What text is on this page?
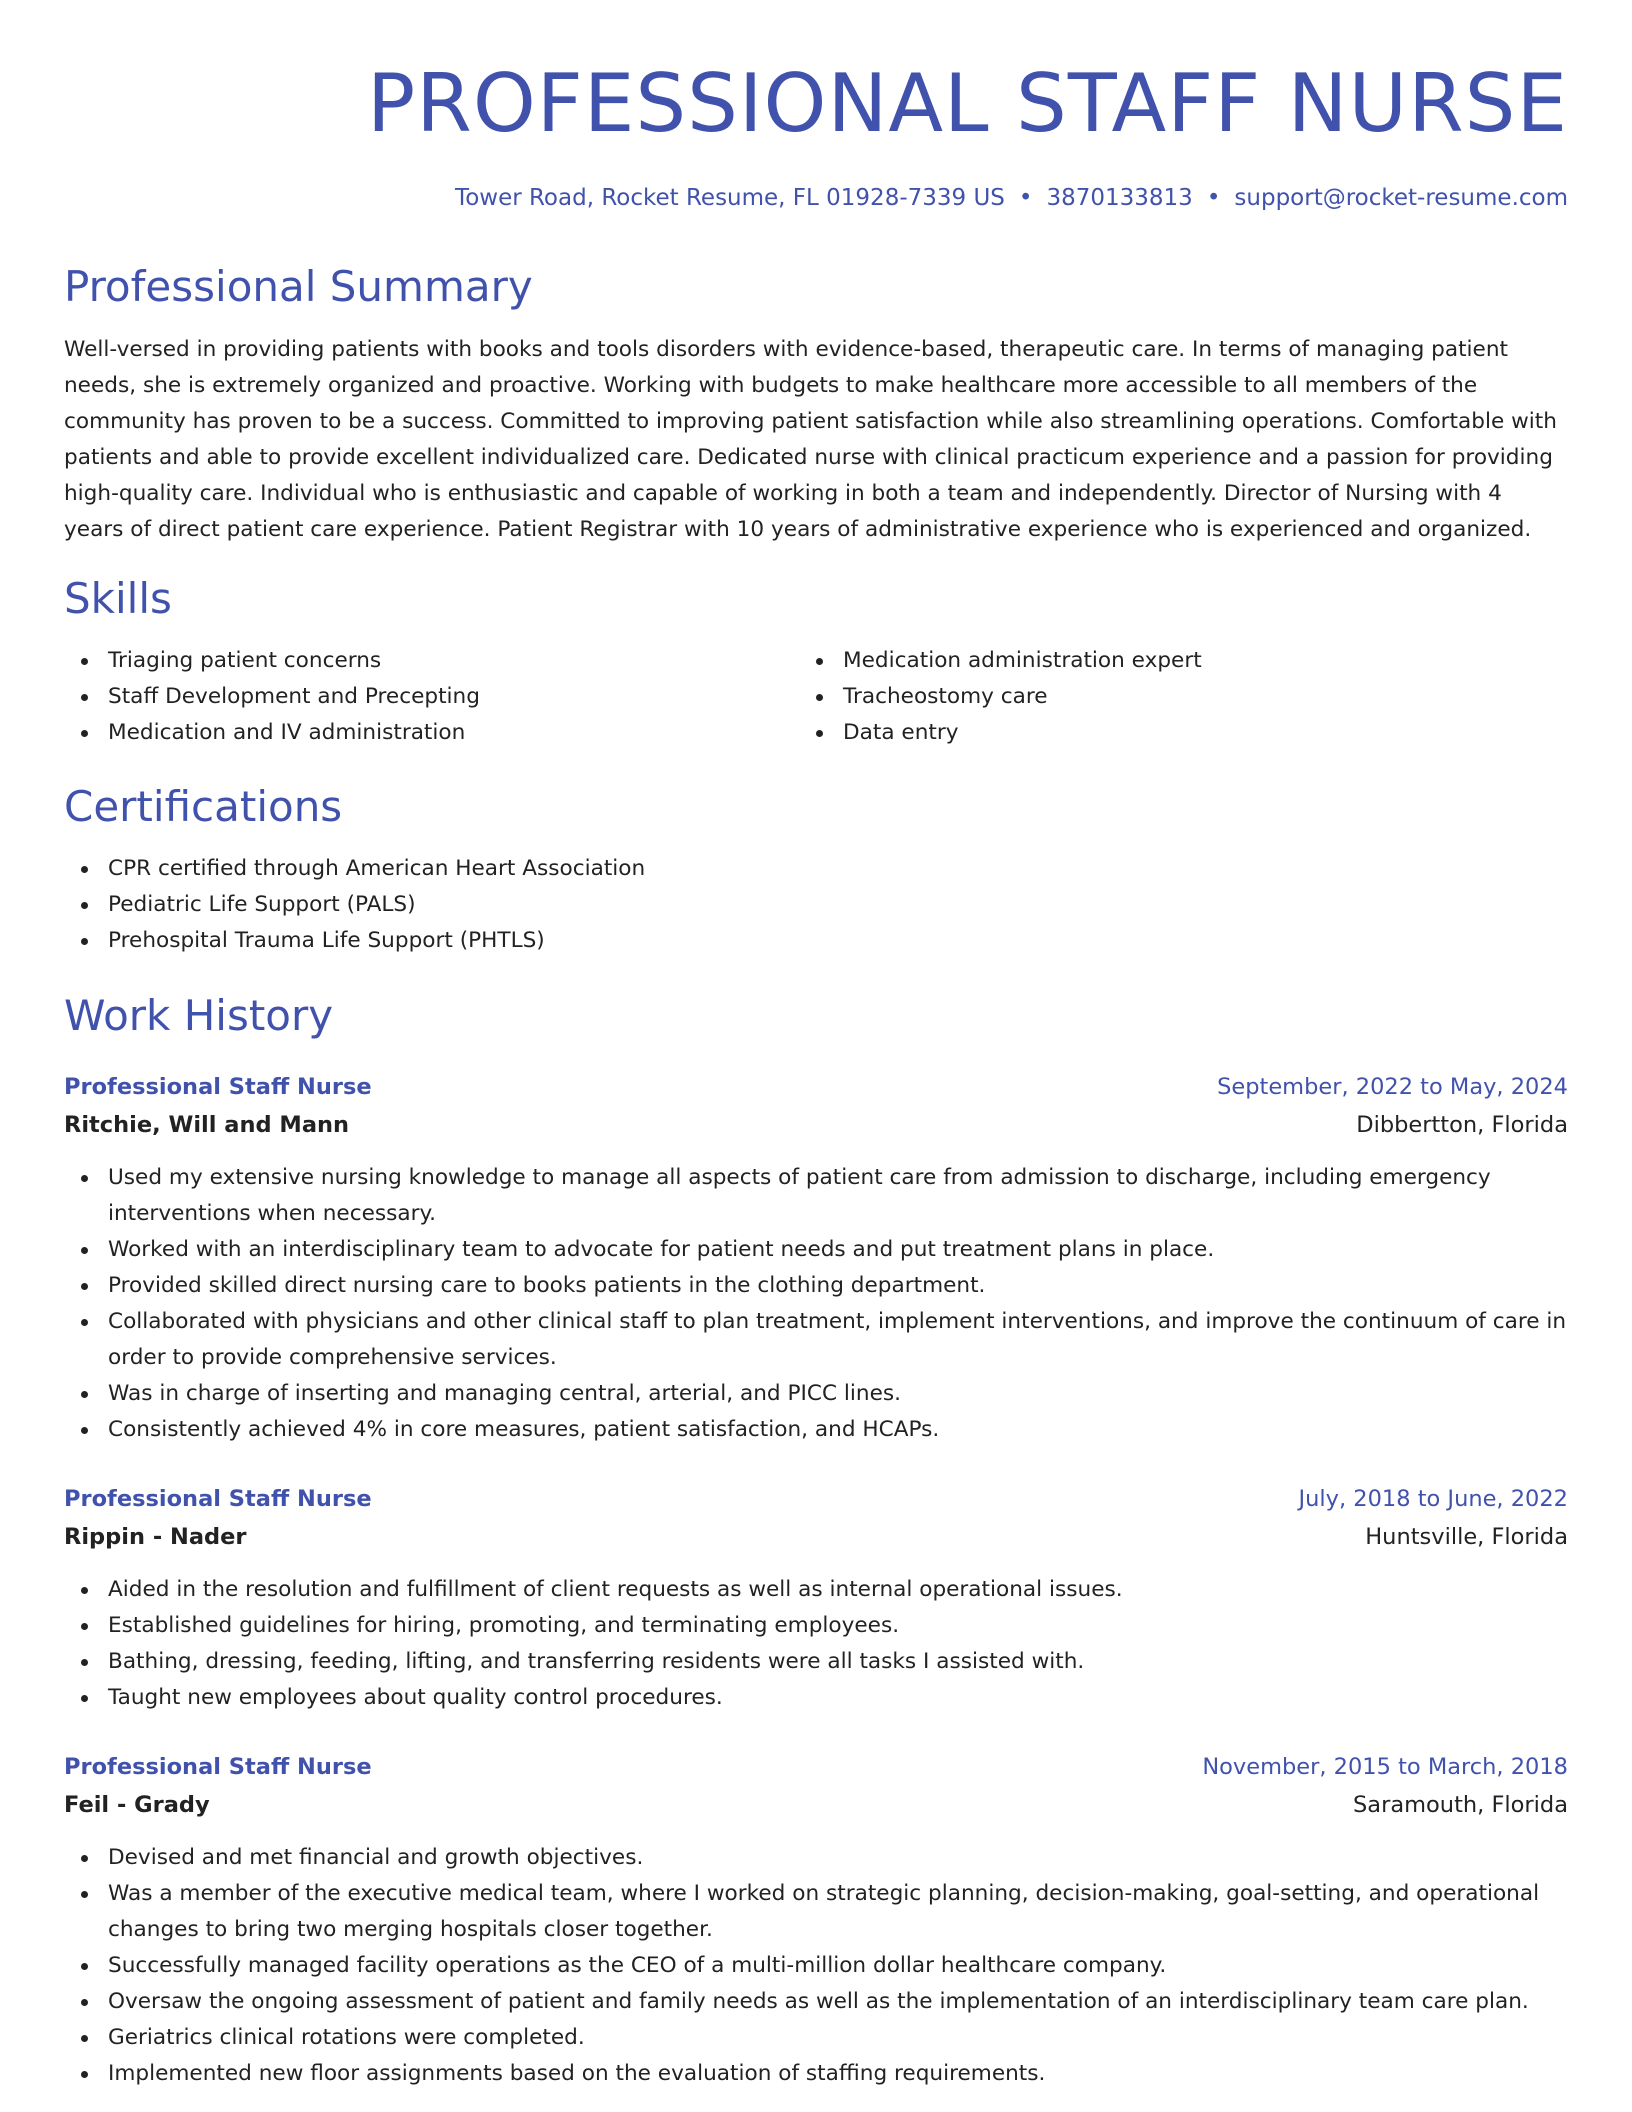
PROFESSIONAL STAFF NURSE
Tower Road, Rocket Resume, FL 01928-7339 US • 3870133813 • support@rocket-resume.com
Professional Summary

Well-versed in providing patients with books and tools disorders with evidence-based, therapeutic care. In terms of managing patient needs, she is extremely organized and proactive. Working with budgets to make healthcare more accessible to all members of the community has proven to be a success. Committed to improving patient satisfaction while also streamlining operations. Comfortable with patients and able to provide excellent individualized care. Dedicated nurse with clinical practicum experience and a passion for providing high-quality care. Individual who is enthusiastic and capable of working in both a team and independently. Director of Nursing with 4 years of direct patient care experience. Patient Registrar with 10 years of administrative experience who is experienced and organized.

Skills
Triaging patient concerns
Staff Development and Precepting
Medication and IV administration
Medication administration expert
Tracheostomy care
Data entry
Certifications
CPR certified through American Heart Association
Pediatric Life Support (PALS)
Prehospital Trauma Life Support (PHTLS)
Work History
Professional Staff Nurse	September, 2022 to May, 2024
Ritchie, Will and Mann	Dibbertton, Florida
Used my extensive nursing knowledge to manage all aspects of patient care from admission to discharge, including emergency interventions when necessary.
Worked with an interdisciplinary team to advocate for patient needs and put treatment plans in place.
Provided skilled direct nursing care to books patients in the clothing department.
Collaborated with physicians and other clinical staff to plan treatment, implement interventions, and improve the continuum of care in order to provide comprehensive services.
Was in charge of inserting and managing central, arterial, and PICC lines.
Consistently achieved 4% in core measures, patient satisfaction, and HCAPs.
Professional Staff Nurse	July, 2018 to June, 2022
Rippin - Nader	Huntsville, Florida
Aided in the resolution and fulfillment of client requests as well as internal operational issues.
Established guidelines for hiring, promoting, and terminating employees.
Bathing, dressing, feeding, lifting, and transferring residents were all tasks I assisted with.
Taught new employees about quality control procedures.
Professional Staff Nurse	November, 2015 to March, 2018
Feil - Grady	Saramouth, Florida
Devised and met financial and growth objectives.
Was a member of the executive medical team, where I worked on strategic planning, decision-making, goal-setting, and operational changes to bring two merging hospitals closer together.
Successfully managed facility operations as the CEO of a multi-million dollar healthcare company.
Oversaw the ongoing assessment of patient and family needs as well as the implementation of an interdisciplinary team care plan.
Geriatrics clinical rotations were completed.
Implemented new floor assignments based on the evaluation of staffing requirements.
